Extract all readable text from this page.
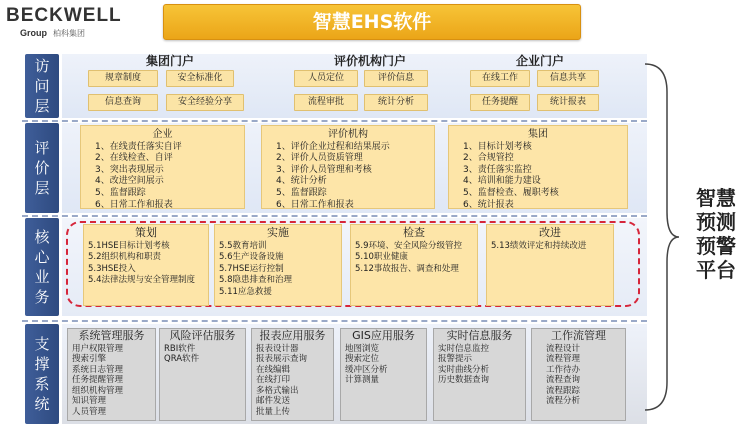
BECKWELL
Group 柏科集团
智慧EHS软件
访问层
评价层
核心业务
支撑系统
集团门户
规章制度	安全标准化
信息查询	安全经验分享
评价机构门户
人员定位	评价信息
流程审批	统计分析
企业门户
在线工作	信息共享
任务提醒	统计报表
企业
1、在线责任落实自评
2、在线检查、自评
3、突出表现展示
4、改进空间展示
5、监督跟踪
6、日常工作和报表
评价机构
1、评价企业过程和结果展示
2、评价人员资质管理
3、评价人员管理和考核
4、统计分析
5、监督跟踪
6、日常工作和报表
集团
1、目标计划考核
2、合规管控
3、责任落实监控
4、培训和能力建设
5、监督检查、履职考核
6、统计报表
策划
5.1HSE目标计划考核
5.2组织机构和职责
5.3HSE投入
5.4法律法规与安全管理制度
实施
5.5教育培训
5.6生产设备设施
5.7HSE运行控制
5.8隐患排查和治理
5.11应急救援
检查
5.9环境、安全风险分级管控
5.10职业健康
5.12事故报告、调查和处理
改进
5.13绩效评定和持续改进
系统管理服务
用户权限管理
搜索引擎
系统日志管理
任务提醒管理
组织机构管理
知识管理
人员管理
风险评估服务
RBI软件
QRA软件
报表应用服务
报表设计器
报表展示查询
在线编辑
在线打印
多格式输出
邮件发送
批量上传
GIS应用服务
地图浏览
搜索定位
缓冲区分析
计算测量
实时信息服务
实时信息监控
报警提示
实时曲线分析
历史数据查询
工作流管理
流程设计
流程管理
工作待办
流程查询
流程跟踪
流程分析
智慧
预测
预警
平台
